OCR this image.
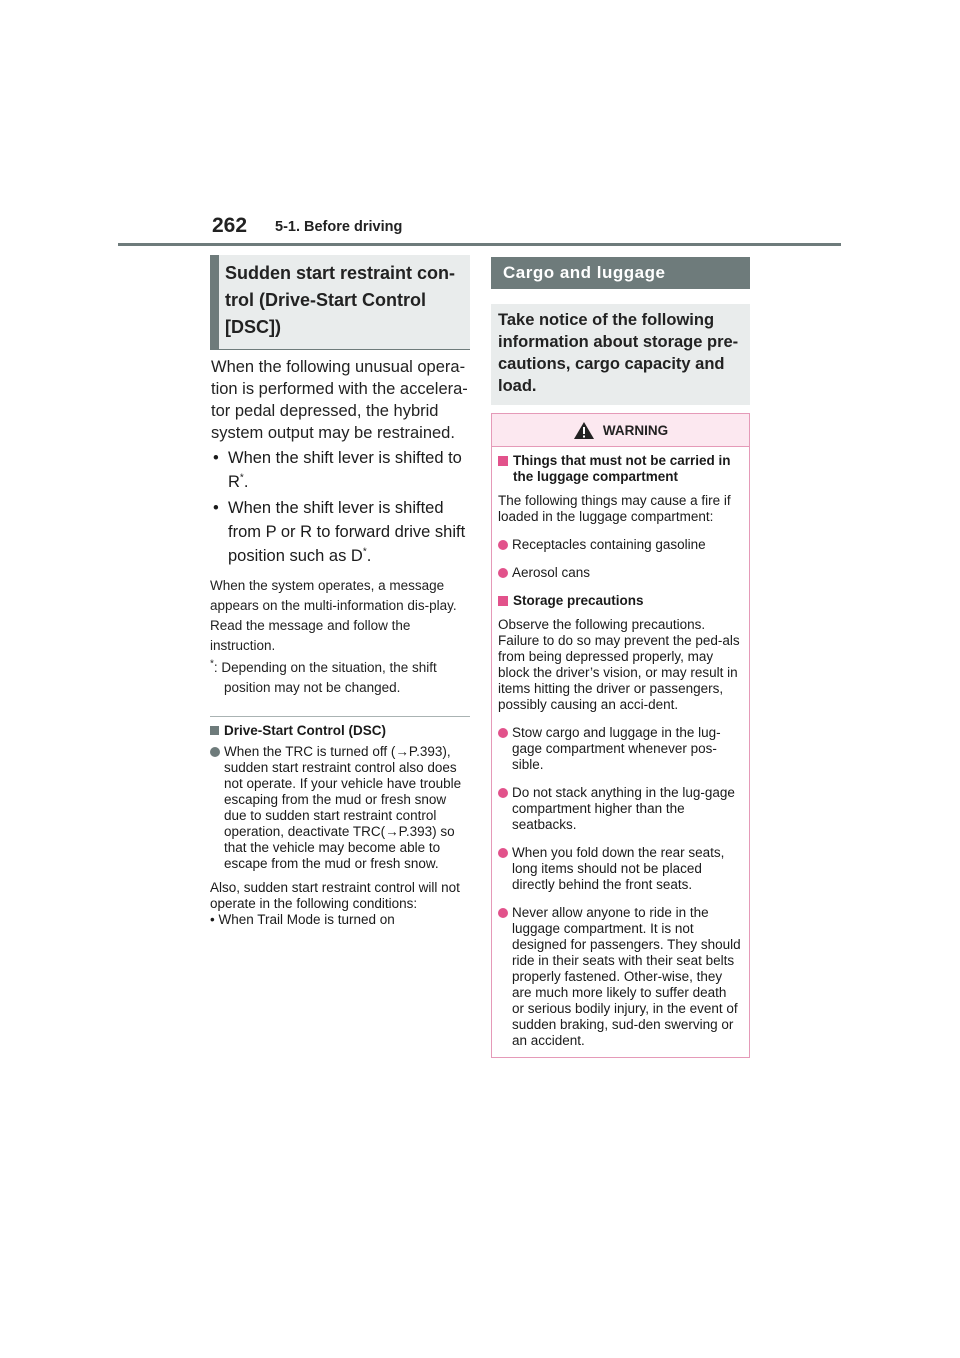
262 5-1. Before driving
Sudden start restraint con-trol (Drive-Start Control [DSC])

When the following unusual opera-tion is performed with the accelera-tor pedal depressed, the hybrid system output may be restrained.

• When the shift lever is shifted to R*.
• When the shift lever is shifted from P or R to forward drive shift position such as D*.
When the system operates, a message appears on the multi-information dis-play. Read the message and follow the instruction.
*: Depending on the situation, the shift position may not be changed.
Drive-Start Control (DSC)
When the TRC is turned off (→P.393), sudden start restraint control also does not operate. If your vehicle have trouble escaping from the mud or fresh snow due to sudden start restraint control operation, deactivate TRC(→P.393) so that the vehicle may become able to escape from the mud or fresh snow.
Also, sudden start restraint control will not operate in the following conditions:
• When Trail Mode is turned on
Cargo and luggage
Take notice of the following information about storage pre-cautions, cargo capacity and load.
WARNING
Things that must not be carried in the luggage compartment
The following things may cause a fire if loaded in the luggage compartment:
Receptacles containing gasoline
Aerosol cans
Storage precautions
Observe the following precautions. Failure to do so may prevent the ped-als from being depressed properly, may block the driver’s vision, or may result in items hitting the driver or passengers, possibly causing an acci-dent.
Stow cargo and luggage in the lug-gage compartment whenever pos-sible.
Do not stack anything in the lug-gage compartment higher than the seatbacks.
When you fold down the rear seats, long items should not be placed directly behind the front seats.
Never allow anyone to ride in the luggage compartment. It is not designed for passengers. They should ride in their seats with their seat belts properly fastened. Other-wise, they are much more likely to suffer death or serious bodily injury, in the event of sudden braking, sud-den swerving or an accident.
